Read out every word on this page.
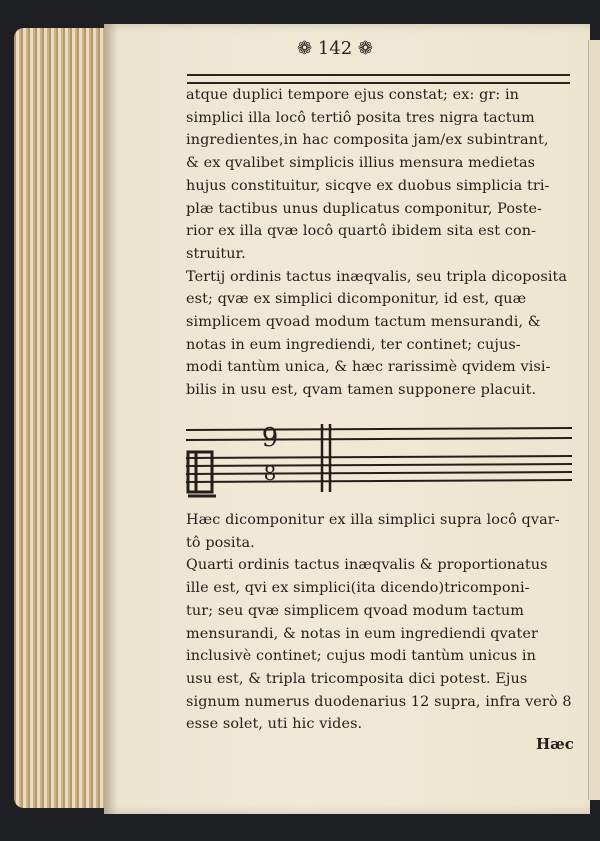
❁ 142 ❁
atque duplici tempore ejus constat; ex: gr: in
simplici illa locô tertiô posita tres nigra tactum
ingredientes,in hac composita jam/ex subintrant,
& ex qvalibet simplicis illius mensura medietas
hujus constituitur, sicqve ex duobus simplicia tri-
plæ tactibus unus duplicatus componitur, Poste-
rior ex illa qvæ locô quartô ibidem sita est con-
struitur.
Tertij ordinis tactus inæqvalis, seu tripla dicoposita
est; qvæ ex simplici dicomponitur, id est, quæ
simplicem qvoad modum tactum mensurandi, &
notas in eum ingrediendi, ter continet; cujus-
modi tantùm unica, & hæc rarissimè qvidem visi-
bilis in usu est, qvam tamen supponere placuit.
9
8
Hæc dicomponitur ex illa simplici supra locô qvar-
tô posita.
Quarti ordinis tactus inæqvalis & proportionatus
ille est, qvi ex simplici(ita dicendo)tricomponi-
tur; seu qvæ simplicem qvoad modum tactum
mensurandi, & notas in eum ingrediendi qvater
inclusivè continet; cujus modi tantùm unicus in
usu est, & tripla tricomposita dici potest. Ejus
signum numerus duodenarius 12 supra, infra verò 8
esse solet, uti hic vides.
Hæc
